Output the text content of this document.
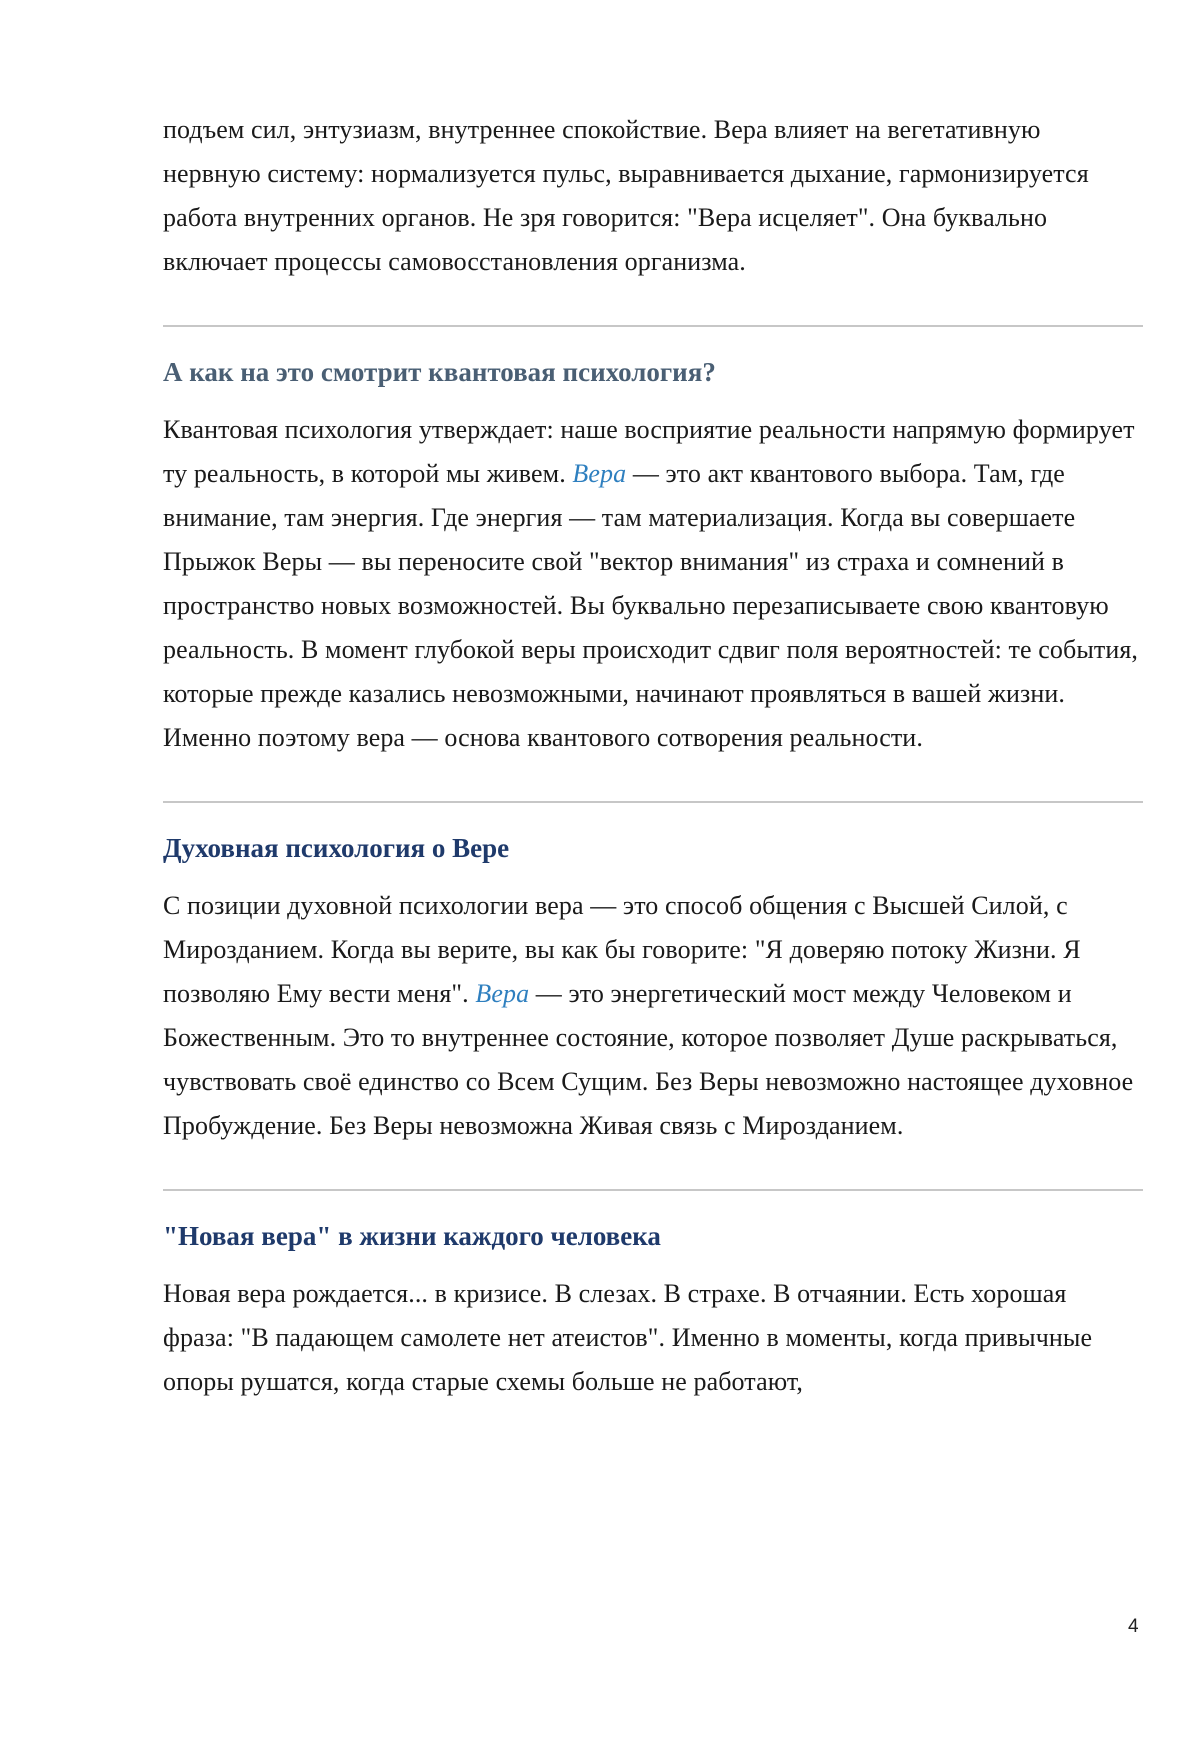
подъем сил, энтузиазм, внутреннее спокойствие. Вера влияет на вегетативную нервную систему: нормализуется пульс, выравнивается дыхание, гармонизируется работа внутренних органов. Не зря говорится: "Вера исцеляет". Она буквально включает процессы самовосстановления организма.

А как на это смотрит квантовая психология?

Квантовая психология утверждает: наше восприятие реальности напрямую формирует ту реальность, в которой мы живем. Вера — это акт квантового выбора. Там, где внимание, там энергия. Где энергия — там материализация. Когда вы совершаете Прыжок Веры — вы переносите свой "вектор внимания" из страха и сомнений в пространство новых возможностей. Вы буквально перезаписываете свою квантовую реальность. В момент глубокой веры происходит сдвиг поля вероятностей: те события, которые прежде казались невозможными, начинают проявляться в вашей жизни. Именно поэтому вера — основа квантового сотворения реальности.

Духовная психология о Вере

С позиции духовной психологии вера — это способ общения с Высшей Силой, с Мирозданием. Когда вы верите, вы как бы говорите: "Я доверяю потоку Жизни. Я позволяю Ему вести меня". Вера — это энергетический мост между Человеком и Божественным. Это то внутреннее состояние, которое позволяет Душе раскрываться, чувствовать своё единство со Всем Сущим. Без Веры невозможно настоящее духовное Пробуждение. Без Веры невозможна Живая связь с Мирозданием.

"Новая вера" в жизни каждого человека

Новая вера рождается... в кризисе. В слезах. В страхе. В отчаянии. Есть хорошая фраза: "В падающем самолете нет атеистов". Именно в моменты, когда привычные опоры рушатся, когда старые схемы больше не работают,

4
